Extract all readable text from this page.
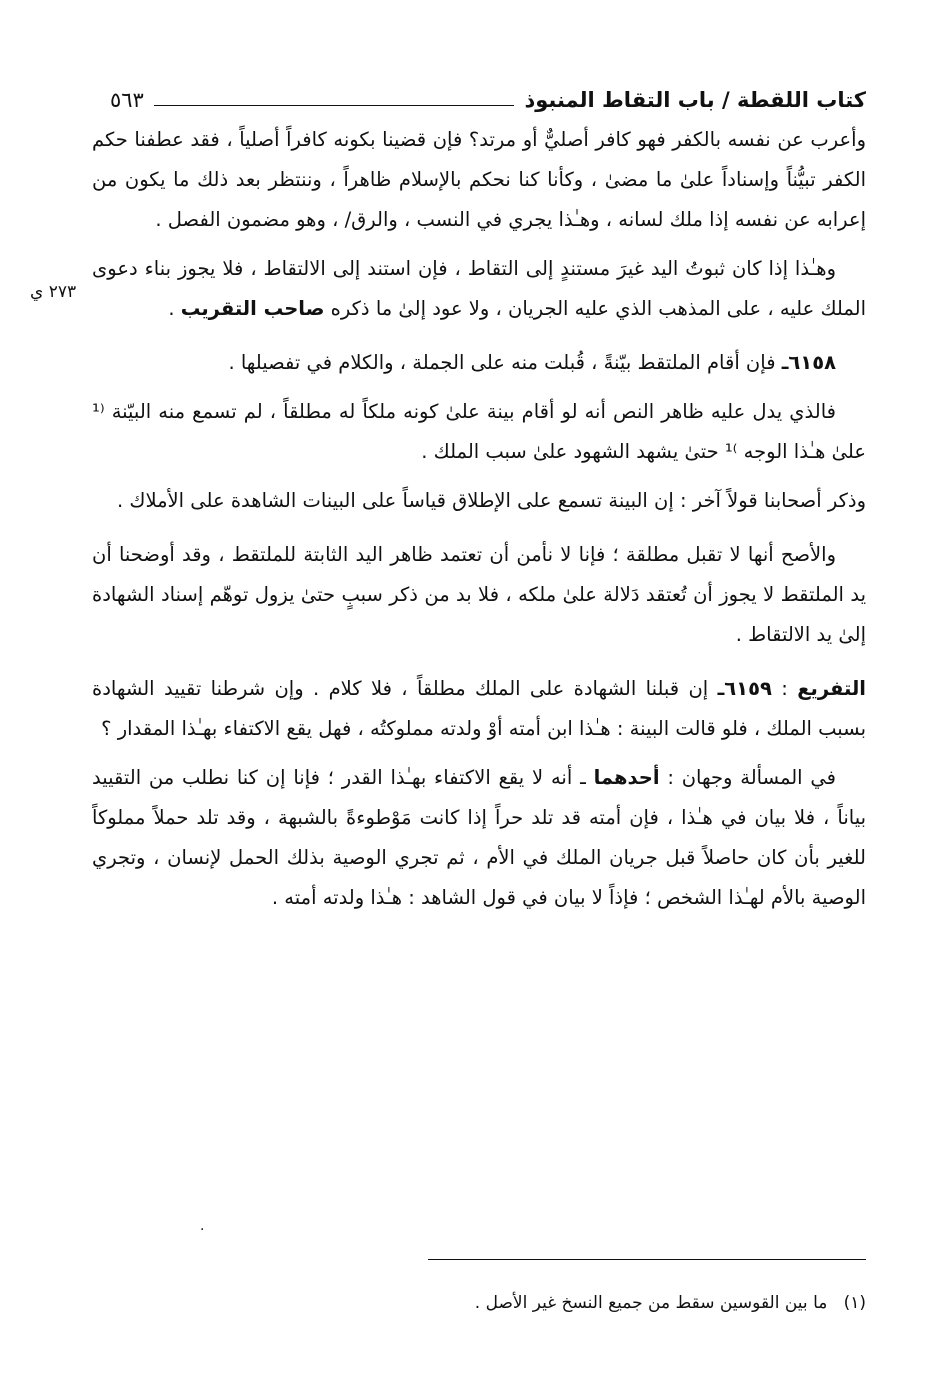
كتاب اللقطة / باب التقاط المنبوذ
٥٦٣
٢٧٣ ي

وأعرب عن نفسه بالكفر فهو كافر أصليٌّ أو مرتد؟ فإن قضينا بكونه كافراً أصلياً ، فقد عطفنا حكم الكفر تبيُّناً وإسناداً علىٰ ما مضىٰ ، وكأنا كنا نحكم بالإسلام ظاهراً ، وننتظر بعد ذلك ما يكون من إعرابه عن نفسه إذا ملك لسانه ، وهـٰذا يجري في النسب ، والرق/ ، وهو مضمون الفصل .

وهـٰذا إذا كان ثبوتُ اليد غيرَ مستندٍ إلى التقاط ، فإن استند إلى الالتقاط ، فلا يجوز بناء دعوى الملك عليه ، على المذهب الذي عليه الجريان ، ولا عود إلىٰ ما ذكره صاحب التقريب .

٦١٥٨ـ فإن أقام الملتقط بيّنةً ، قُبلت منه على الجملة ، والكلام في تفصيلها .

فالذي يدل عليه ظاهر النص أنه لو أقام بينة علىٰ كونه ملكاً له مطلقاً ، لم تسمع منه البيّنة ⁽¹ علىٰ هـٰذا الوجه ⁾¹ حتىٰ يشهد الشهود علىٰ سبب الملك .

وذكر أصحابنا قولاً آخر : إن البينة تسمع على الإطلاق قياساً على البينات الشاهدة على الأملاك .

والأصح أنها لا تقبل مطلقة ؛ فإنا لا نأمن أن تعتمد ظاهر اليد الثابتة للملتقط ، وقد أوضحنا أن يد الملتقط لا يجوز أن تُعتقد دَلالة علىٰ ملكه ، فلا بد من ذكر سببٍ حتىٰ يزول توهّم إسناد الشهادة إلىٰ يد الالتقاط .

التفريع : ٦١٥٩ـ إن قبلنا الشهادة على الملك مطلقاً ، فلا كلام . وإن شرطنا تقييد الشهادة بسبب الملك ، فلو قالت البينة : هـٰذا ابن أمته أوْ ولدته مملوكتُه ، فهل يقع الاكتفاء بهـٰذا المقدار ؟

في المسألة وجهان : أحدهما ـ أنه لا يقع الاكتفاء بهـٰذا القدر ؛ فإنا إن كنا نطلب من التقييد بياناً ، فلا بيان في هـٰذا ، فإن أمته قد تلد حراً إذا كانت مَوْطوءةً بالشبهة ، وقد تلد حملاً مملوكاً للغير بأن كان حاصلاً قبل جريان الملك في الأم ، ثم تجري الوصية بذلك الحمل لإنسان ، وتجري الوصية بالأم لهـٰذا الشخص ؛ فإذاً لا بيان في قول الشاهد : هـٰذا ولدته أمته .

·
(١)   ما بين القوسين سقط من جميع النسخ غير الأصل .
